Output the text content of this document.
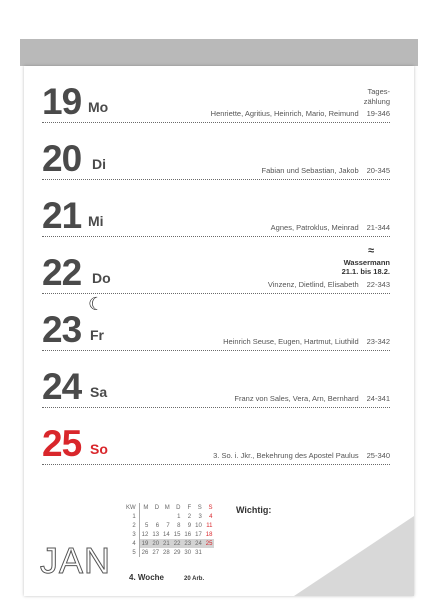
19 Mo
Tages-
zählung
Henriette, Agritius, Heinrich, Mario, Reimund 19-346
20 Di	Fabian und Sebastian, Jakob 20-345
21 Mi	Agnes, Patroklus, Meinrad 21-344
22 Do
≈
Wassermann
21.1. bis 18.2.
Vinzenz, Dietlind, Elisabeth 22-343
☾
23 Fr	Heinrich Seuse, Eugen, Hartmut, Liuthild 23-342
24 Sa	Franz von Sales, Vera, Arn, Bernhard 24-341
25 So	3. So. i. Jkr., Bekehrung des Apostel Paulus 25-340
KW	M	D	M	D	F	S	S
1				1	2	3	4
2	5	6	7	8	9	10	11
3	12	13	14	15	16	17	18
4	19	20	21	22	23	24	25
5	26	27	28	29	30	31	
JAN 4. Woche	20 Arb.
Wichtig:
